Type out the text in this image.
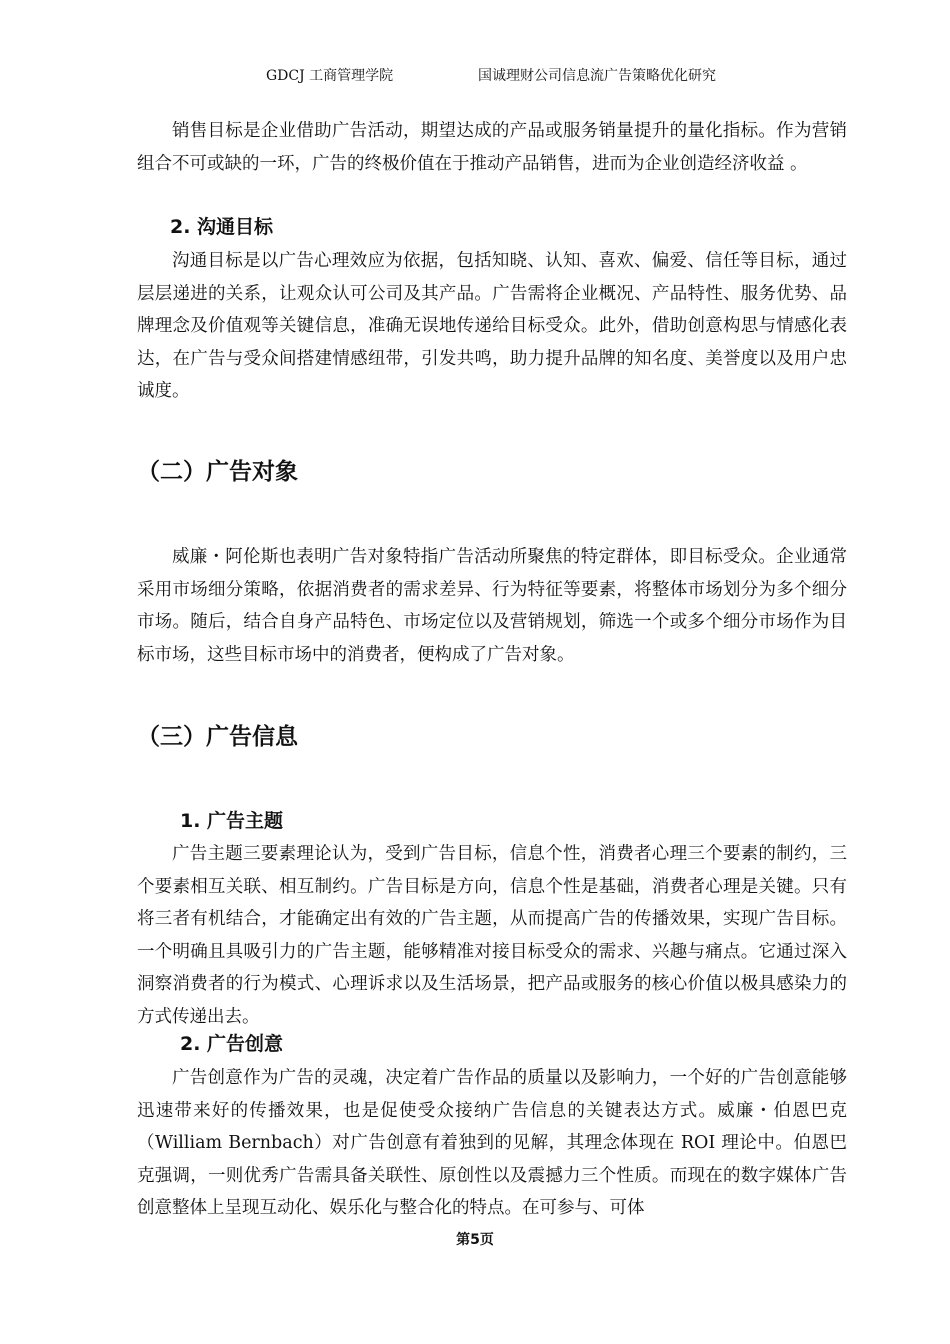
GDCJ 工商管理学院	国诚理财公司信息流广告策略优化研究

销售目标是企业借助广告活动，期望达成的产品或服务销量提升的量化指标。作为营销组合不可或缺的一环，广告的终极价值在于推动产品销售，进而为企业创造经济收益 。

2. 沟通目标

沟通目标是以广告心理效应为依据，包括知晓、认知、喜欢、偏爱、信任等目标，通过层层递进的关系，让观众认可公司及其产品。广告需将企业概况、产品特性、服务优势、品牌理念及价值观等关键信息，准确无误地传递给目标受众。此外，借助创意构思与情感化表达，在广告与受众间搭建情感纽带，引发共鸣，助力提升品牌的知名度、美誉度以及用户忠诚度。

（二）广告对象

威廉・阿伦斯也表明广告对象特指广告活动所聚焦的特定群体，即目标受众。企业通常采用市场细分策略，依据消费者的需求差异、行为特征等要素，将整体市场划分为多个细分市场。随后，结合自身产品特色、市场定位以及营销规划，筛选一个或多个细分市场作为目标市场，这些目标市场中的消费者，便构成了广告对象。

（三）广告信息
1. 广告主题

广告主题三要素理论认为，受到广告目标，信息个性，消费者心理三个要素的制约，三个要素相互关联、相互制约。广告目标是方向，信息个性是基础，消费者心理是关键。只有将三者有机结合，才能确定出有效的广告主题，从而提高广告的传播效果，实现广告目标。一个明确且具吸引力的广告主题，能够精准对接目标受众的需求、兴趣与痛点。它通过深入洞察消费者的行为模式、心理诉求以及生活场景，把产品或服务的核心价值以极具感染力的方式传递出去。

2. 广告创意

广告创意作为广告的灵魂，决定着广告作品的质量以及影响力，一个好的广告创意能够迅速带来好的传播效果，也是促使受众接纳广告信息的关键表达方式。威廉・伯恩巴克（William Bernbach）对广告创意有着独到的见解，其理念体现在 ROI 理论中。伯恩巴克强调，一则优秀广告需具备关联性、原创性以及震撼力三个性质。而现在的数字媒体广告创意整体上呈现互动化、娱乐化与整合化的特点。在可参与、可体

第5页
